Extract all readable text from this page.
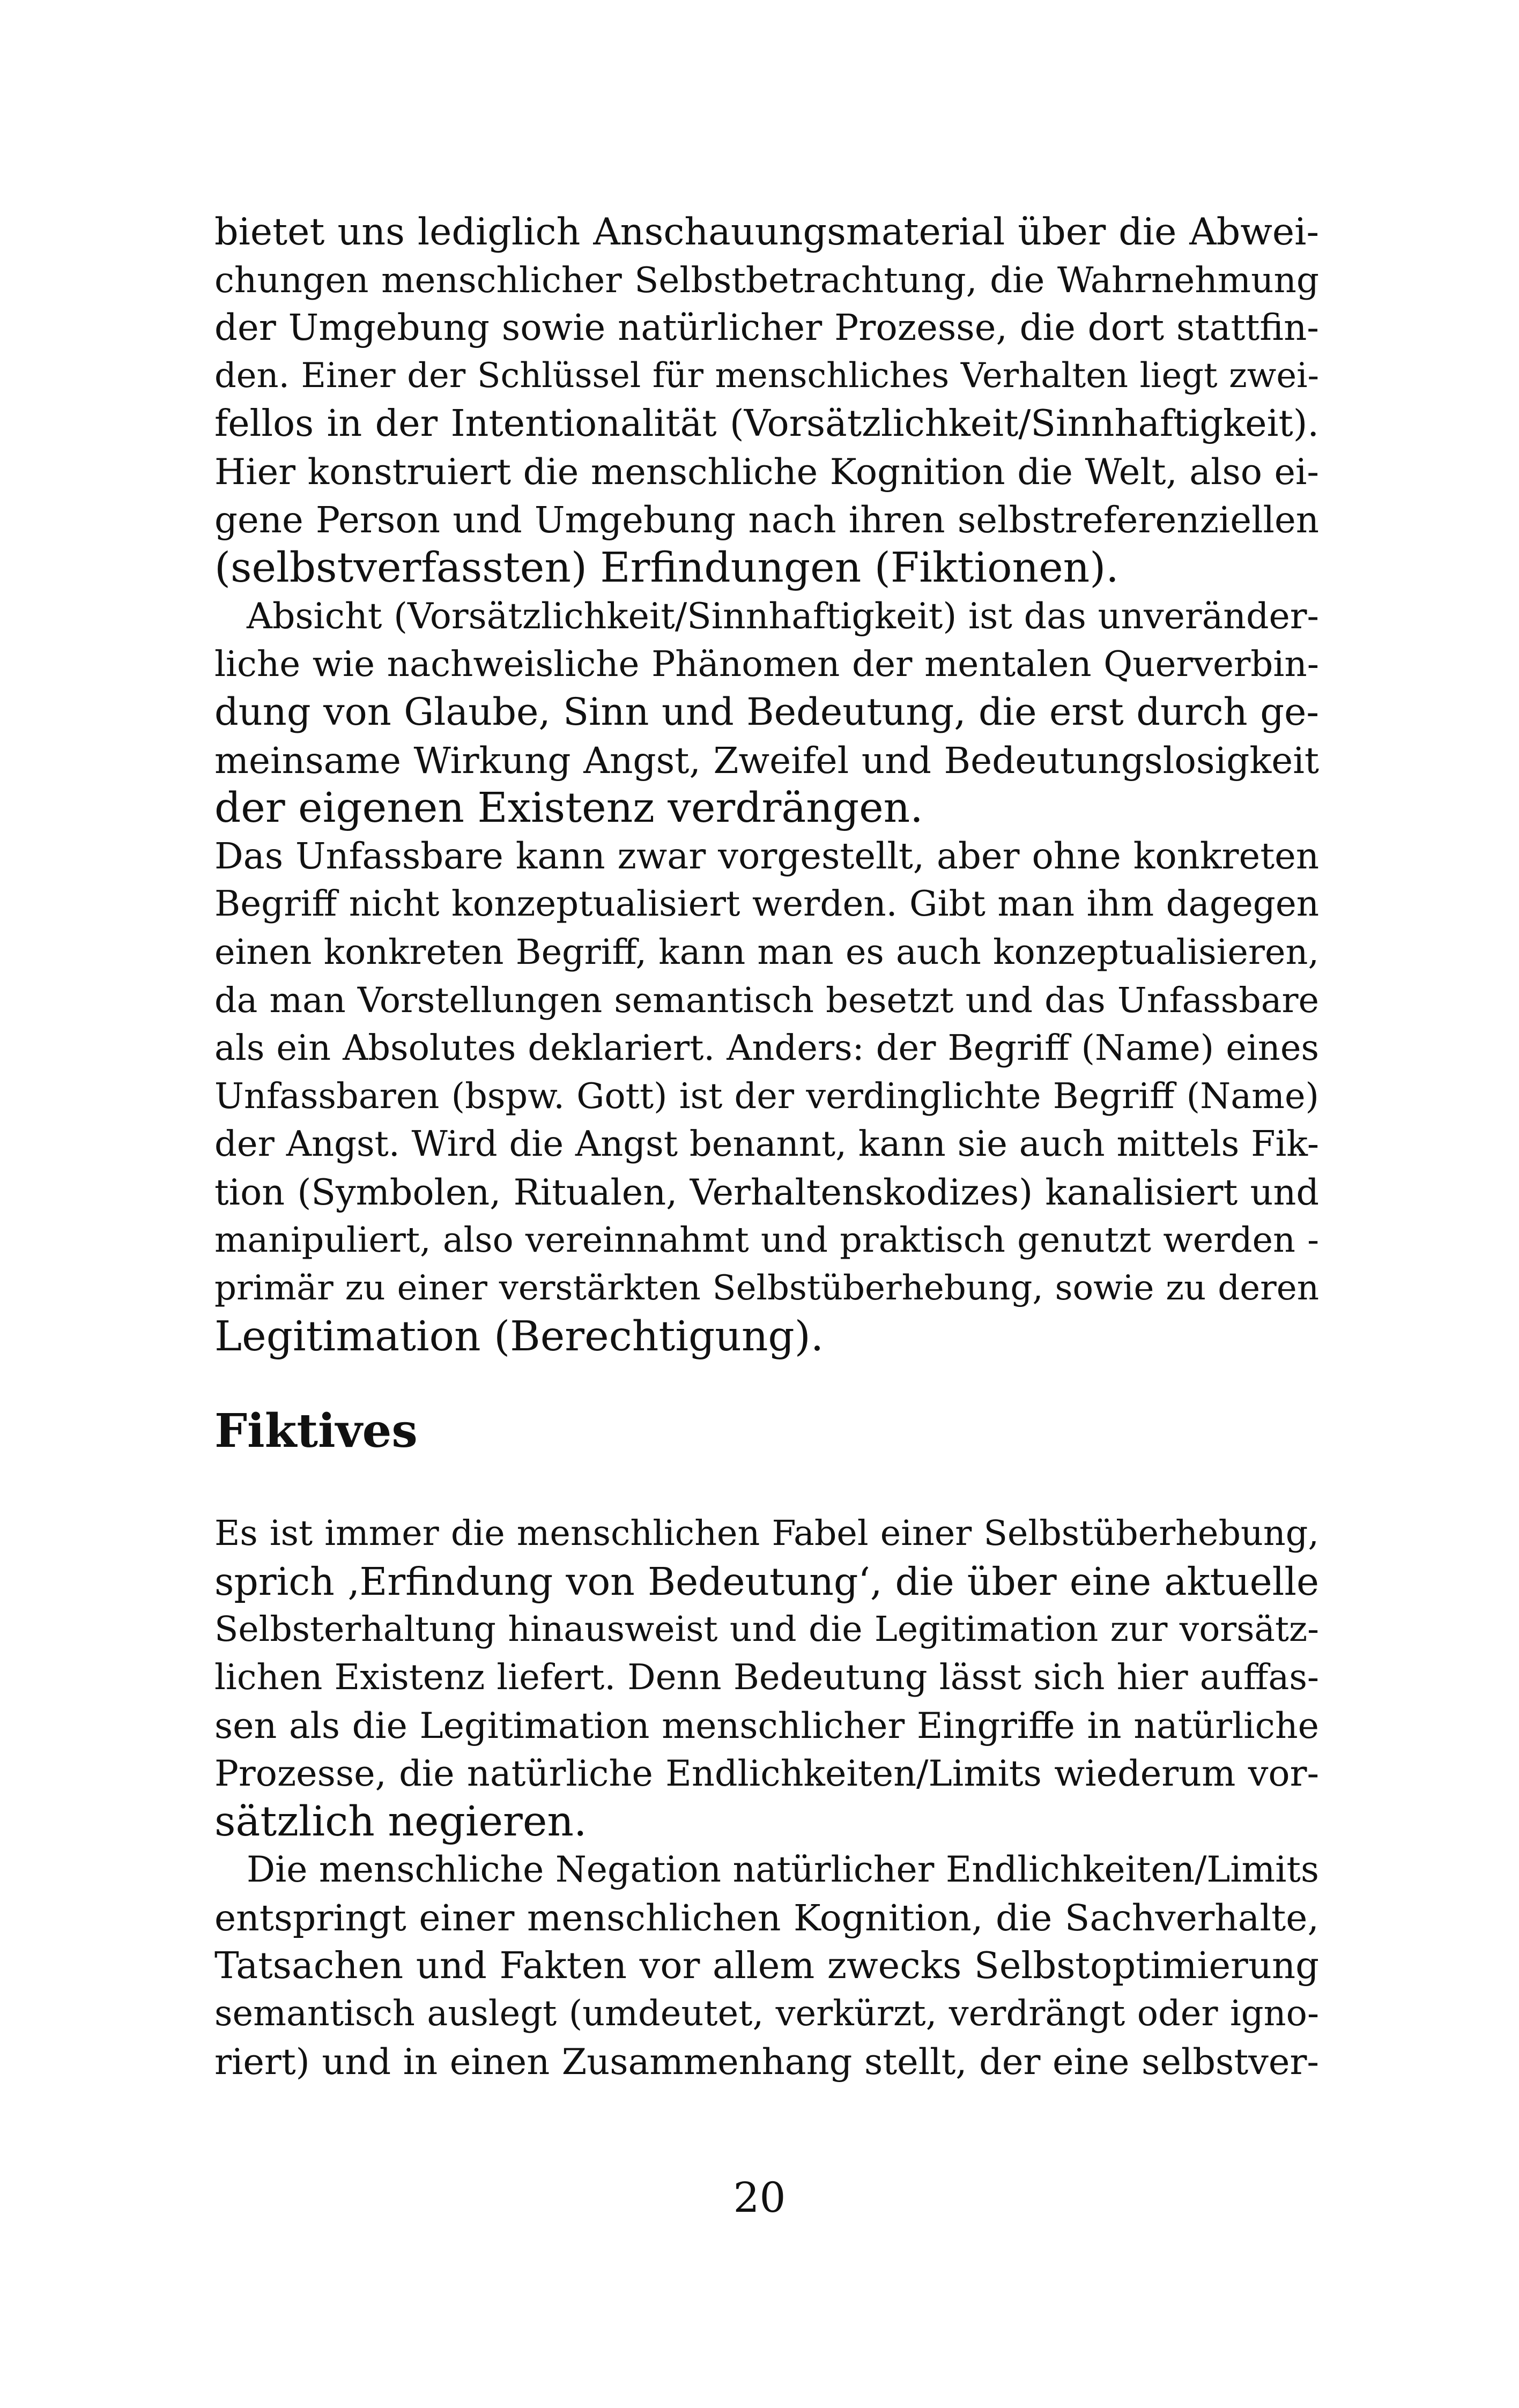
bietet uns lediglich Anschauungsmaterial über die Abwei-
chungen menschlicher Selbstbetrachtung, die Wahrnehmung
der Umgebung sowie natürlicher Prozesse, die dort stattfin-
den. Einer der Schlüssel für menschliches Verhalten liegt zwei-
fellos in der Intentionalität (Vorsätzlichkeit/Sinnhaftigkeit).
Hier konstruiert die menschliche Kognition die Welt, also ei-
gene Person und Umgebung nach ihren selbstreferenziellen
(selbstverfassten) Erfindungen (Fiktionen).
Absicht (Vorsätzlichkeit/Sinnhaftigkeit) ist das unveränder-
liche wie nachweisliche Phänomen der mentalen Querverbin-
dung von Glaube, Sinn und Bedeutung, die erst durch ge-
meinsame Wirkung Angst, Zweifel und Bedeutungslosigkeit
der eigenen Existenz verdrängen.
Das Unfassbare kann zwar vorgestellt, aber ohne konkreten
Begriff nicht konzeptualisiert werden. Gibt man ihm dagegen
einen konkreten Begriff, kann man es auch konzeptualisieren,
da man Vorstellungen semantisch besetzt und das Unfassbare
als ein Absolutes deklariert. Anders: der Begriff (Name) eines
Unfassbaren (bspw. Gott) ist der verdinglichte Begriff (Name)
der Angst. Wird die Angst benannt, kann sie auch mittels Fik-
tion (Symbolen, Ritualen, Verhaltenskodizes) kanalisiert und
manipuliert, also vereinnahmt und praktisch genutzt werden -
primär zu einer verstärkten Selbstüberhebung, sowie zu deren
Legitimation (Berechtigung).
Fiktives
Es ist immer die menschlichen Fabel einer Selbstüberhebung,
sprich ‚Erfindung von Bedeutung‘, die über eine aktuelle
Selbsterhaltung hinausweist und die Legitimation zur vorsätz-
lichen Existenz liefert. Denn Bedeutung lässt sich hier auffas-
sen als die Legitimation menschlicher Eingriffe in natürliche
Prozesse, die natürliche Endlichkeiten/Limits wiederum vor-
sätzlich negieren.
Die menschliche Negation natürlicher Endlichkeiten/Limits
entspringt einer menschlichen Kognition, die Sachverhalte,
Tatsachen und Fakten vor allem zwecks Selbstoptimierung
semantisch auslegt (umdeutet, verkürzt, verdrängt oder igno-
riert) und in einen Zusammenhang stellt, der eine selbstver-
20
